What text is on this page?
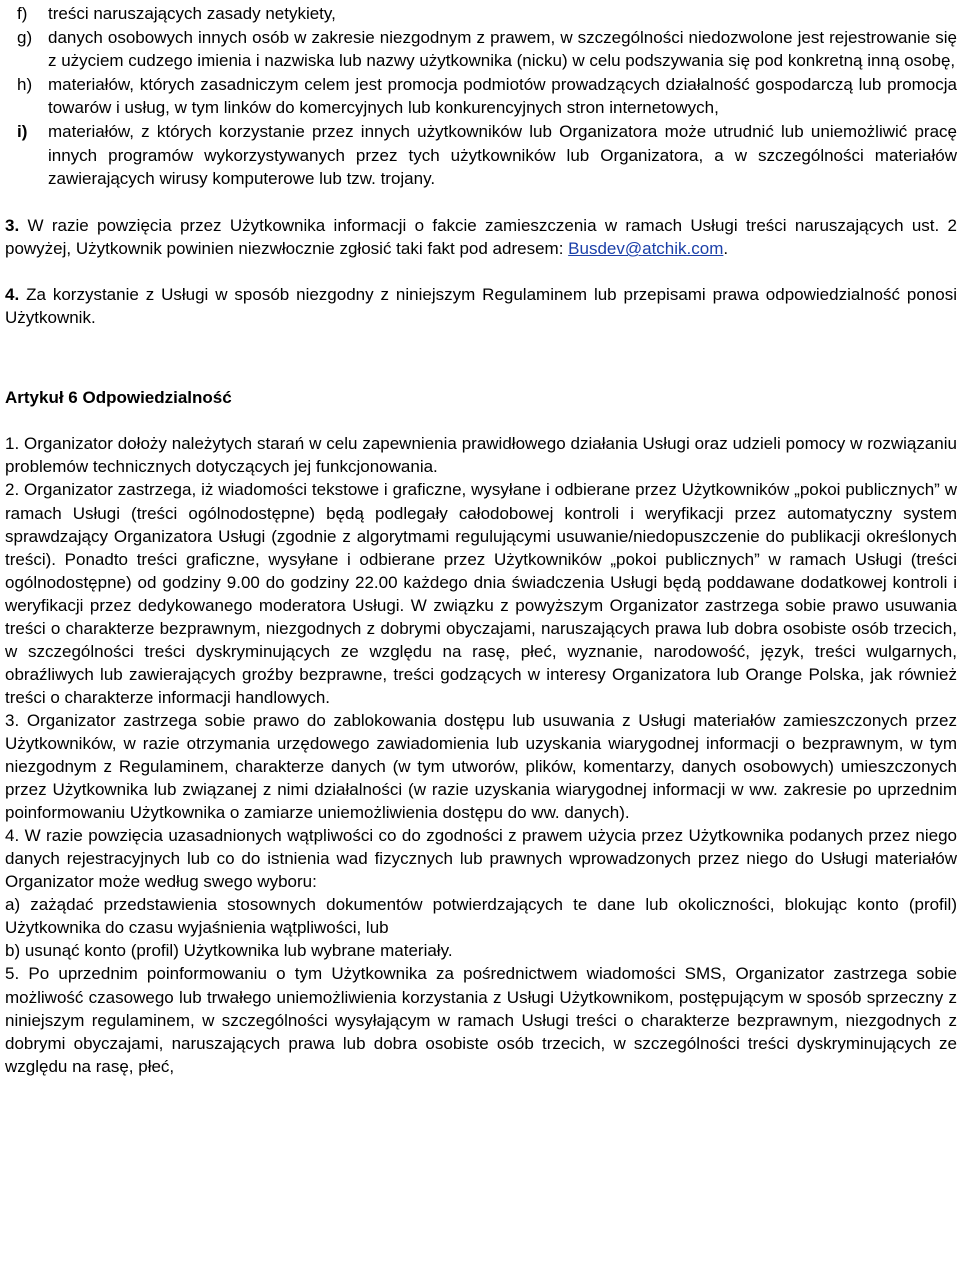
f)	treści naruszających zasady netykiety,
g) danych osobowych innych osób w zakresie niezgodnym z prawem, w szczególności niedozwolone jest rejestrowanie się z użyciem cudzego imienia i nazwiska lub nazwy użytkownika (nicku) w celu podszywania się pod konkretną inną osobę,
h) materiałów, których zasadniczym celem jest promocja podmiotów prowadzących działalność gospodarczą lub promocja towarów i usług, w tym linków do komercyjnych lub konkurencyjnych stron internetowych,
i)	materiałów, z których korzystanie przez innych użytkowników lub Organizatora może utrudnić lub uniemożliwić pracę innych programów wykorzystywanych przez tych użytkowników lub Organizatora, a w szczególności materiałów zawierających wirusy komputerowe lub tzw. trojany.

3. W razie powzięcia przez Użytkownika informacji o fakcie zamieszczenia w ramach Usługi treści naruszających ust. 2 powyżej, Użytkownik powinien niezwłocznie zgłosić taki fakt pod adresem: Busdev@atchik.com.

4. Za korzystanie z Usługi w sposób niezgodny z niniejszym Regulaminem lub przepisami prawa odpowiedzialność ponosi Użytkownik.

Artykuł 6 Odpowiedzialność

1. Organizator dołoży należytych starań w celu zapewnienia prawidłowego działania Usługi oraz udzieli pomocy w rozwiązaniu problemów technicznych dotyczących jej funkcjonowania.

2. Organizator zastrzega, iż wiadomości tekstowe i graficzne, wysyłane i odbierane przez Użytkowników „pokoi publicznych” w ramach Usługi (treści ogólnodostępne) będą podlegały całodobowej kontroli i weryfikacji przez automatyczny system sprawdzający Organizatora Usługi (zgodnie z algorytmami regulującymi usuwanie/niedopuszczenie do publikacji określonych treści). Ponadto treści graficzne, wysyłane i odbierane przez Użytkowników „pokoi publicznych” w ramach Usługi (treści ogólnodostępne) od godziny 9.00 do godziny 22.00 każdego dnia świadczenia Usługi będą poddawane dodatkowej kontroli i weryfikacji przez dedykowanego moderatora Usługi. W związku z powyższym Organizator zastrzega sobie prawo usuwania treści o charakterze bezprawnym, niezgodnych z dobrymi obyczajami, naruszających prawa lub dobra osobiste osób trzecich, w szczególności treści dyskryminujących ze względu na rasę, płeć, wyznanie, narodowość, język, treści wulgarnych, obraźliwych lub zawierających groźby bezprawne, treści godzących w interesy Organizatora lub Orange Polska, jak również treści o charakterze informacji handlowych.

3. Organizator zastrzega sobie prawo do zablokowania dostępu lub usuwania z Usługi materiałów zamieszczonych przez Użytkowników, w razie otrzymania urzędowego zawiadomienia lub uzyskania wiarygodnej informacji o bezprawnym, w tym niezgodnym z Regulaminem, charakterze danych (w tym utworów, plików, komentarzy, danych osobowych) umieszczonych przez Użytkownika lub związanej z nimi działalności (w razie uzyskania wiarygodnej informacji w ww. zakresie po uprzednim poinformowaniu Użytkownika o zamiarze uniemożliwienia dostępu do ww. danych).

4. W razie powzięcia uzasadnionych wątpliwości co do zgodności z prawem użycia przez Użytkownika podanych przez niego danych rejestracyjnych lub co do istnienia wad fizycznych lub prawnych wprowadzonych przez niego do Usługi materiałów Organizator może według swego wyboru:

a) zażądać przedstawienia stosownych dokumentów potwierdzających te dane lub okoliczności, blokując konto (profil) Użytkownika do czasu wyjaśnienia wątpliwości, lub

b) usunąć konto (profil) Użytkownika lub wybrane materiały.

5. Po uprzednim poinformowaniu o tym Użytkownika za pośrednictwem wiadomości SMS, Organizator zastrzega sobie możliwość czasowego lub trwałego uniemożliwienia korzystania z Usługi Użytkownikom, postępującym w sposób sprzeczny z niniejszym regulaminem, w szczególności wysyłającym w ramach Usługi treści o charakterze bezprawnym, niezgodnych z dobrymi obyczajami, naruszających prawa lub dobra osobiste osób trzecich, w szczególności treści dyskryminujących ze względu na rasę, płeć,
